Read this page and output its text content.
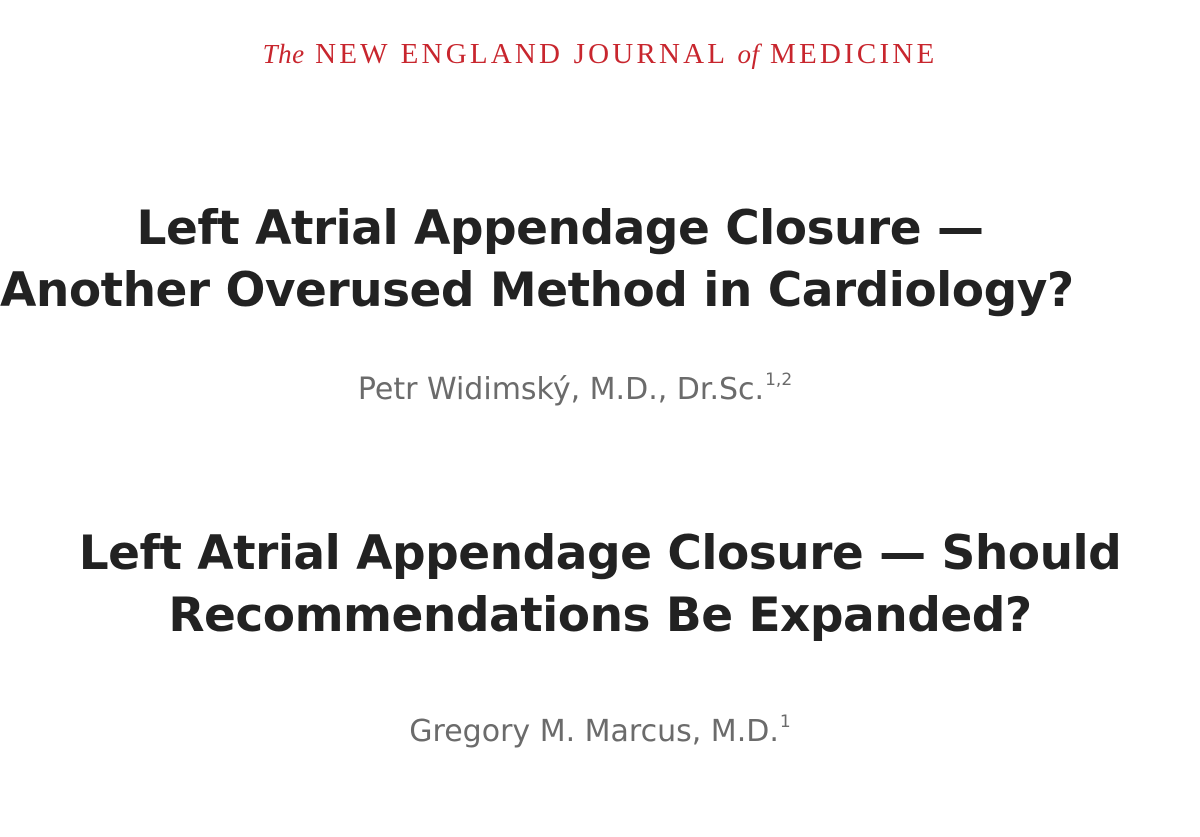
The NEW ENGLAND JOURNAL of MEDICINE
Left Atrial Appendage Closure —
Another Overused Method in Cardiology?
Petr Widimský, M.D., Dr.Sc.$^{1,2}$
Left Atrial Appendage Closure — Should
Recommendations Be Expanded?
Gregory M. Marcus, M.D.$^1$
